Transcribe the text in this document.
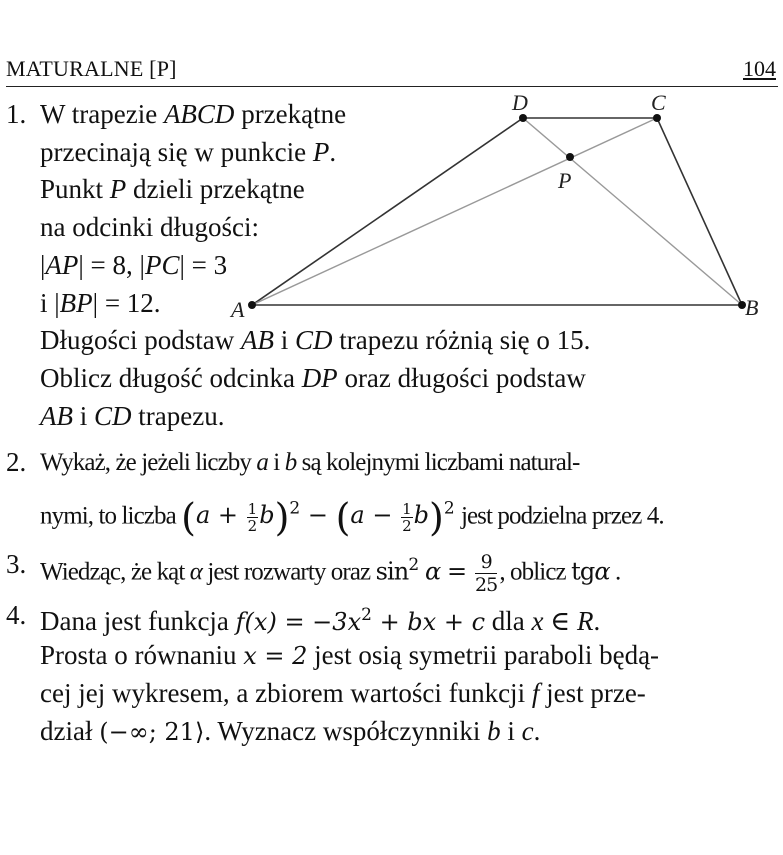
MATURALNE [P]	104
A	B
C
D
P
1. W trapezie ABCD przekątne
przecinają się w punkcie P.
Punkt P dzieli przekątne
na odcinki długości:
|AP| = 8, |PC| = 3
i |BP| = 12.
Długości podstaw AB i CD trapezu różnią się o 15.
Oblicz długość odcinka DP oraz długości podstaw
AB i CD trapezu.
2. Wykaż, że jeżeli liczby a i b są kolejnymi liczbami natural-
nymi, to liczba $(a + \frac{1}{2} b)^2 - (a - \frac{1}{2} b)^2$ jest podzielna przez 4.
3. Wiedząc, że kąt α jest rozwarty oraz $\sin^2 \alpha = \frac{9}{25}$ , oblicz tgα .
4. Dana jest funkcja $f(x) = -3x^2$ + bx + c dla x ∈ R.
Prosta o równaniu x = 2 jest osią symetrii paraboli będą-
cej jej wykresem, a zbiorem wartości funkcji f jest prze-
dział (−∞; 21⟩. Wyznacz współczynniki b i c.
